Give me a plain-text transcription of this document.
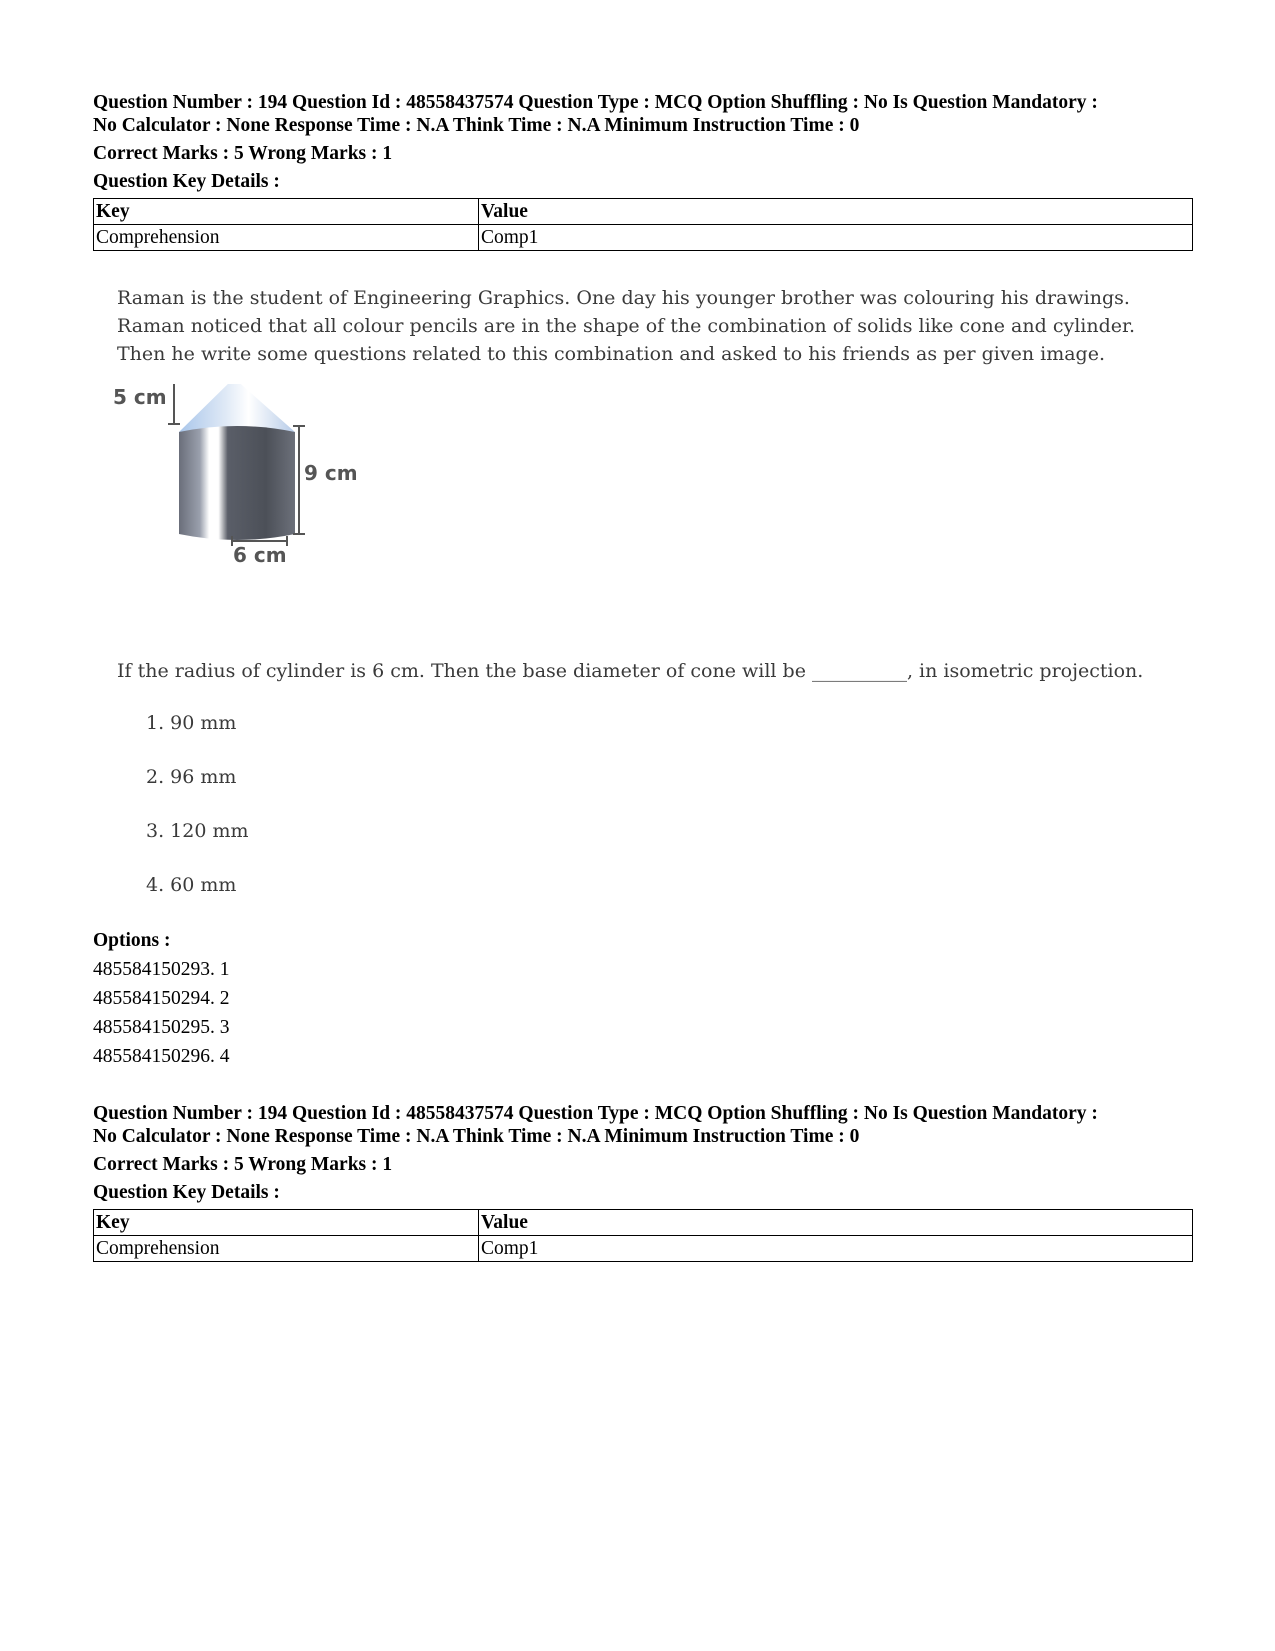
Question Number : 194 Question Id : 48558437574 Question Type : MCQ Option Shuffling : No Is Question Mandatory :

No Calculator : None Response Time : N.A Think Time : N.A Minimum Instruction Time : 0

Correct Marks : 5 Wrong Marks : 1

Question Key Details :

Key	Value
Comprehension	Comp1

Raman is the student of Engineering Graphics. One day his younger brother was colouring his drawings.

Raman noticed that all colour pencils are in the shape of the combination of solids like cone and cylinder.

Then he write some questions related to this combination and asked to his friends as per given image.

5 cm
9 cm
6 cm
If the radius of cylinder is 6 cm. Then the base diameter of cone will be __________, in isometric projection.
1. 90 mm
2. 96 mm
3. 120 mm
4. 60 mm
Options :
485584150293. 1
485584150294. 2
485584150295. 3
485584150296. 4

Question Number : 194 Question Id : 48558437574 Question Type : MCQ Option Shuffling : No Is Question Mandatory :

No Calculator : None Response Time : N.A Think Time : N.A Minimum Instruction Time : 0

Correct Marks : 5 Wrong Marks : 1

Question Key Details :

Key	Value
Comprehension	Comp1
